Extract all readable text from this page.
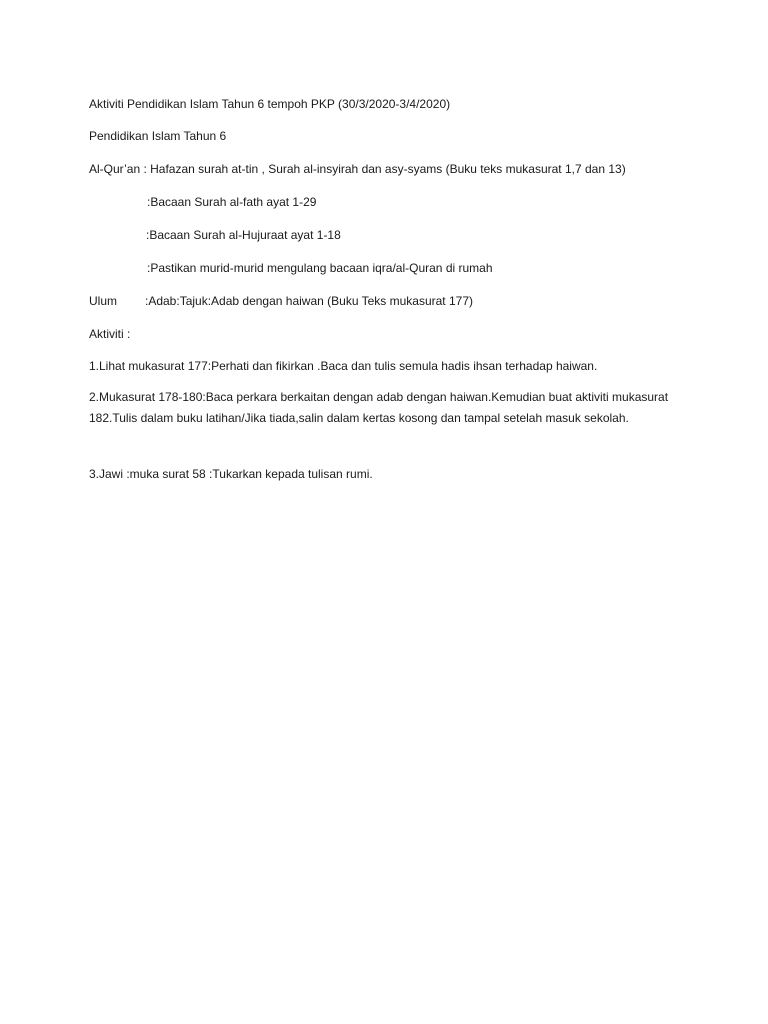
Aktiviti Pendidikan Islam Tahun 6 tempoh PKP (30/3/2020-3/4/2020)
Pendidikan Islam Tahun 6
Al-Qur’an : Hafazan surah at-tin , Surah al-insyirah dan asy-syams (Buku teks mukasurat 1,7 dan 13)
:Bacaan Surah al-fath ayat 1-29
:Bacaan Surah al-Hujuraat ayat 1-18
:Pastikan murid-murid mengulang bacaan iqra/al-Quran di rumah
Ulum :Adab:Tajuk:Adab dengan haiwan (Buku Teks mukasurat 177)
Aktiviti :
1.Lihat mukasurat 177:Perhati dan fikirkan .Baca dan tulis semula hadis ihsan terhadap haiwan.
2.Mukasurat 178-180:Baca perkara berkaitan dengan adab dengan haiwan.Kemudian buat aktiviti mukasurat 182.Tulis dalam buku latihan/Jika tiada,salin dalam kertas kosong dan tampal setelah masuk sekolah.
3.Jawi :muka surat 58 :Tukarkan kepada tulisan rumi.
